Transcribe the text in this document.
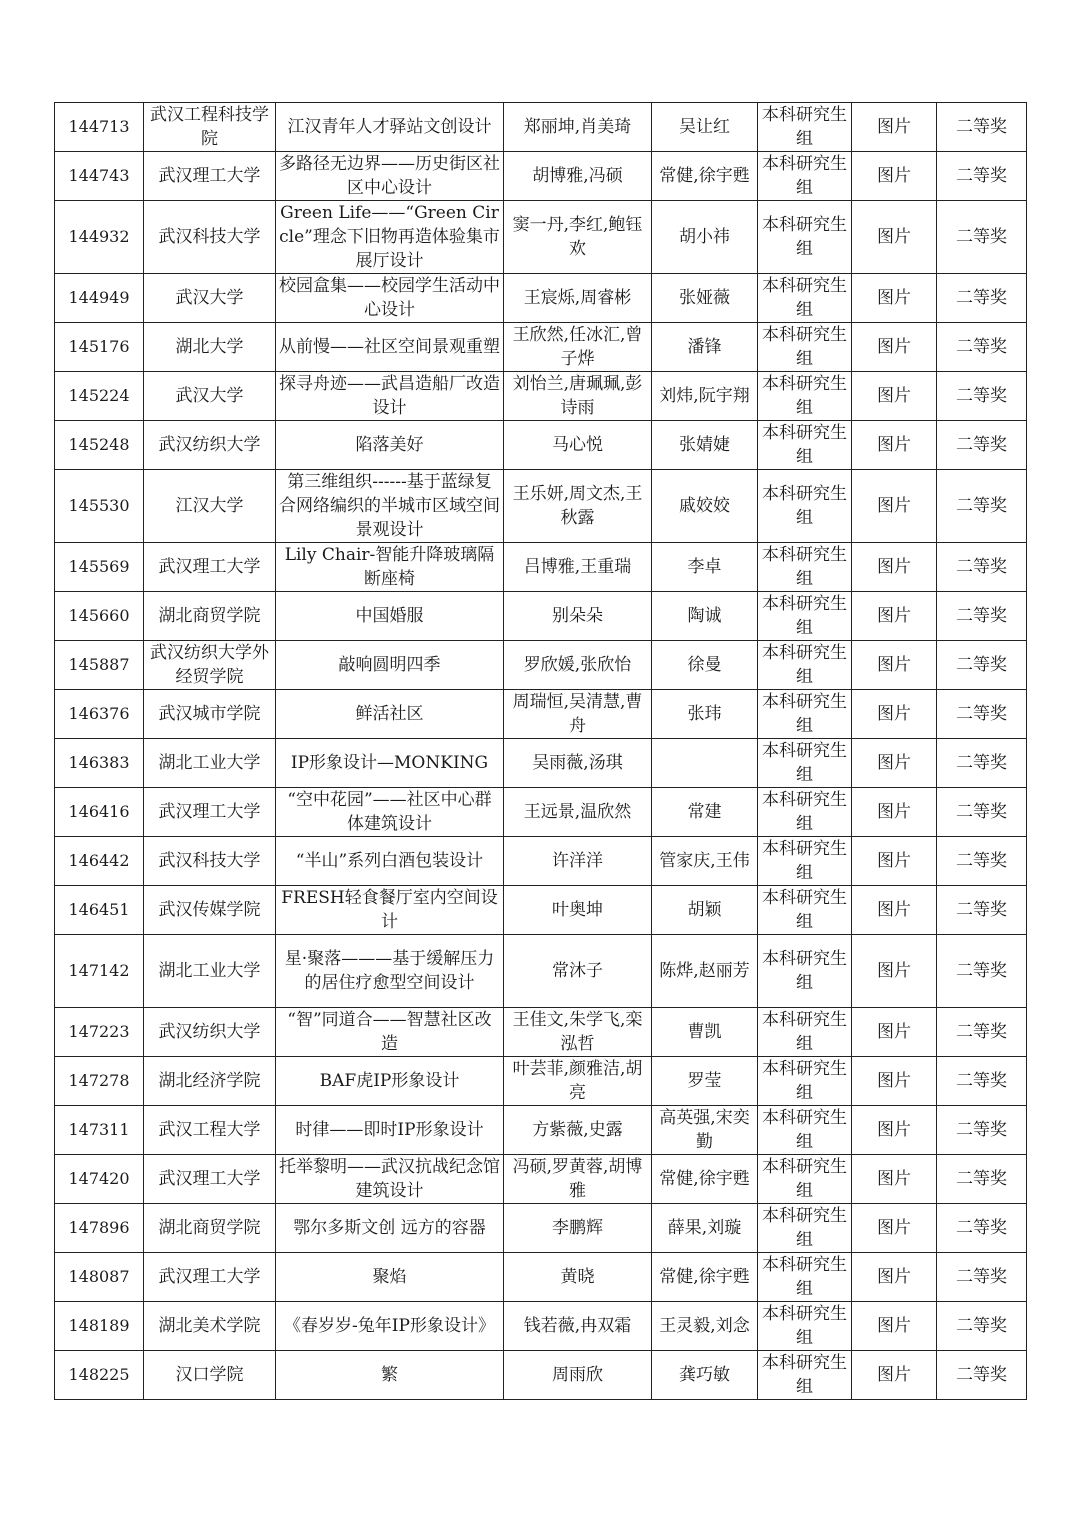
144713	武汉工程科技学院	江汉青年人才驿站文创设计	郑丽坤,肖美琦	吴让红	本科研究生组	图片	二等奖
144743	武汉理工大学	多路径无边界——历史街区社区中心设计	胡博雅,冯硕	常健,徐宇甦	本科研究生组	图片	二等奖
144932	武汉科技大学	Green Life——“Green Circle”理念下旧物再造体验集市展厅设计	窦一丹,李红,鲍钰欢	胡小祎	本科研究生组	图片	二等奖
144949	武汉大学	校园盒集——校园学生活动中心设计	王宸烁,周睿彬	张娅薇	本科研究生组	图片	二等奖
145176	湖北大学	从前慢——社区空间景观重塑	王欣然,任冰汇,曾子烨	潘锋	本科研究生组	图片	二等奖
145224	武汉大学	探寻舟迹——武昌造船厂改造设计	刘怡兰,唐珮珮,彭诗雨	刘炜,阮宇翔	本科研究生组	图片	二等奖
145248	武汉纺织大学	陷落美好	马心悦	张婧婕	本科研究生组	图片	二等奖
145530	江汉大学	第三维组织------基于蓝绿复合网络编织的半城市区域空间景观设计	王乐妍,周文杰,王秋露	戚姣姣	本科研究生组	图片	二等奖
145569	武汉理工大学	Lily Chair-智能升降玻璃隔断座椅	吕博雅,王重瑞	李卓	本科研究生组	图片	二等奖
145660	湖北商贸学院	中国婚服	别朵朵	陶诚	本科研究生组	图片	二等奖
145887	武汉纺织大学外经贸学院	敲响圆明四季	罗欣媛,张欣怡	徐曼	本科研究生组	图片	二等奖
146376	武汉城市学院	鲜活社区	周瑞恒,吴清慧,曹舟	张玮	本科研究生组	图片	二等奖
146383	湖北工业大学	IP形象设计—MONKING	吴雨薇,汤琪		本科研究生组	图片	二等奖
146416	武汉理工大学	“空中花园”——社区中心群体建筑设计	王远景,温欣然	常建	本科研究生组	图片	二等奖
146442	武汉科技大学	“半山”系列白酒包装设计	许洋洋	管家庆,王伟	本科研究生组	图片	二等奖
146451	武汉传媒学院	FRESH轻食餐厅室内空间设计	叶奥坤	胡颖	本科研究生组	图片	二等奖
147142	湖北工业大学	星·聚落———基于缓解压力的居住疗愈型空间设计	常沐子	陈烨,赵丽芳	本科研究生组	图片	二等奖
147223	武汉纺织大学	“智”同道合——智慧社区改造	王佳文,朱学飞,栾泓哲	曹凯	本科研究生组	图片	二等奖
147278	湖北经济学院	BAF虎IP形象设计	叶芸菲,颜雅洁,胡亮	罗莹	本科研究生组	图片	二等奖
147311	武汉工程大学	时律——即时IP形象设计	方紫薇,史露	高英强,宋奕勤	本科研究生组	图片	二等奖
147420	武汉理工大学	托举黎明——武汉抗战纪念馆建筑设计	冯硕,罗黄蓉,胡博雅	常健,徐宇甦	本科研究生组	图片	二等奖
147896	湖北商贸学院	鄂尔多斯文创 远方的容器	李鹏辉	薛果,刘璇	本科研究生组	图片	二等奖
148087	武汉理工大学	聚焰	黄晓	常健,徐宇甦	本科研究生组	图片	二等奖
148189	湖北美术学院	《春岁岁-兔年IP形象设计》	钱若薇,冉双霜	王灵毅,刘念	本科研究生组	图片	二等奖
148225	汉口学院	繁	周雨欣	龚巧敏	本科研究生组	图片	二等奖
